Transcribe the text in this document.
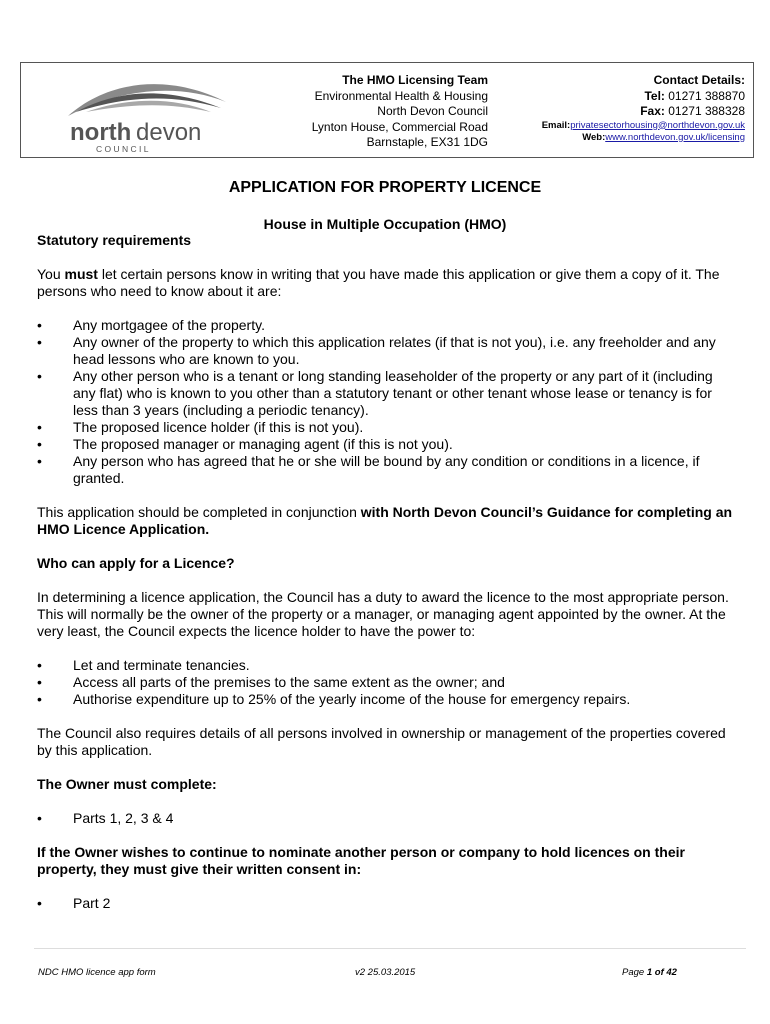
north devon
C O U N C I L
The HMO Licensing Team
Environmental Health & Housing
North Devon Council
Lynton House, Commercial Road
Barnstaple, EX31 1DG
Contact Details:
Tel: 01271 388870
Fax: 01271 388328
Email:privatesectorhousing@northdevon.gov.uk
Web:www.northdevon.gov.uk/licensing
APPLICATION FOR PROPERTY LICENCE
House in Multiple Occupation (HMO)
Statutory requirements

You must let certain persons know in writing that you have made this application or give them a copy of it. The persons who need to know about it are:

• Any mortgagee of the property.
• Any owner of the property to which this application relates (if that is not you), i.e. any freeholder and any head lessons who are known to you.
• Any other person who is a tenant or long standing leaseholder of the property or any part of it (including any flat) who is known to you other than a statutory tenant or other tenant whose lease or tenancy is for less than 3 years (including a periodic tenancy).
• The proposed licence holder (if this is not you).
• The proposed manager or managing agent (if this is not you).
• Any person who has agreed that he or she will be bound by any condition or conditions in a licence, if granted.

This application should be completed in conjunction with North Devon Council’s Guidance for completing an HMO Licence Application.

Who can apply for a Licence?

In determining a licence application, the Council has a duty to award the licence to the most appropriate person. This will normally be the owner of the property or a manager, or managing agent appointed by the owner. At the very least, the Council expects the licence holder to have the power to:

• Let and terminate tenancies.
• Access all parts of the premises to the same extent as the owner; and
• Authorise expenditure up to 25% of the yearly income of the house for emergency repairs.

The Council also requires details of all persons involved in ownership or management of the properties covered by this application.

The Owner must complete:
• Parts 1, 2, 3 & 4
If the Owner wishes to continue to nominate another person or company to hold licences on their property, they must give their written consent in:
• Part 2
NDC HMO licence app form	v2 25.03.2015	Page 1 of 42
